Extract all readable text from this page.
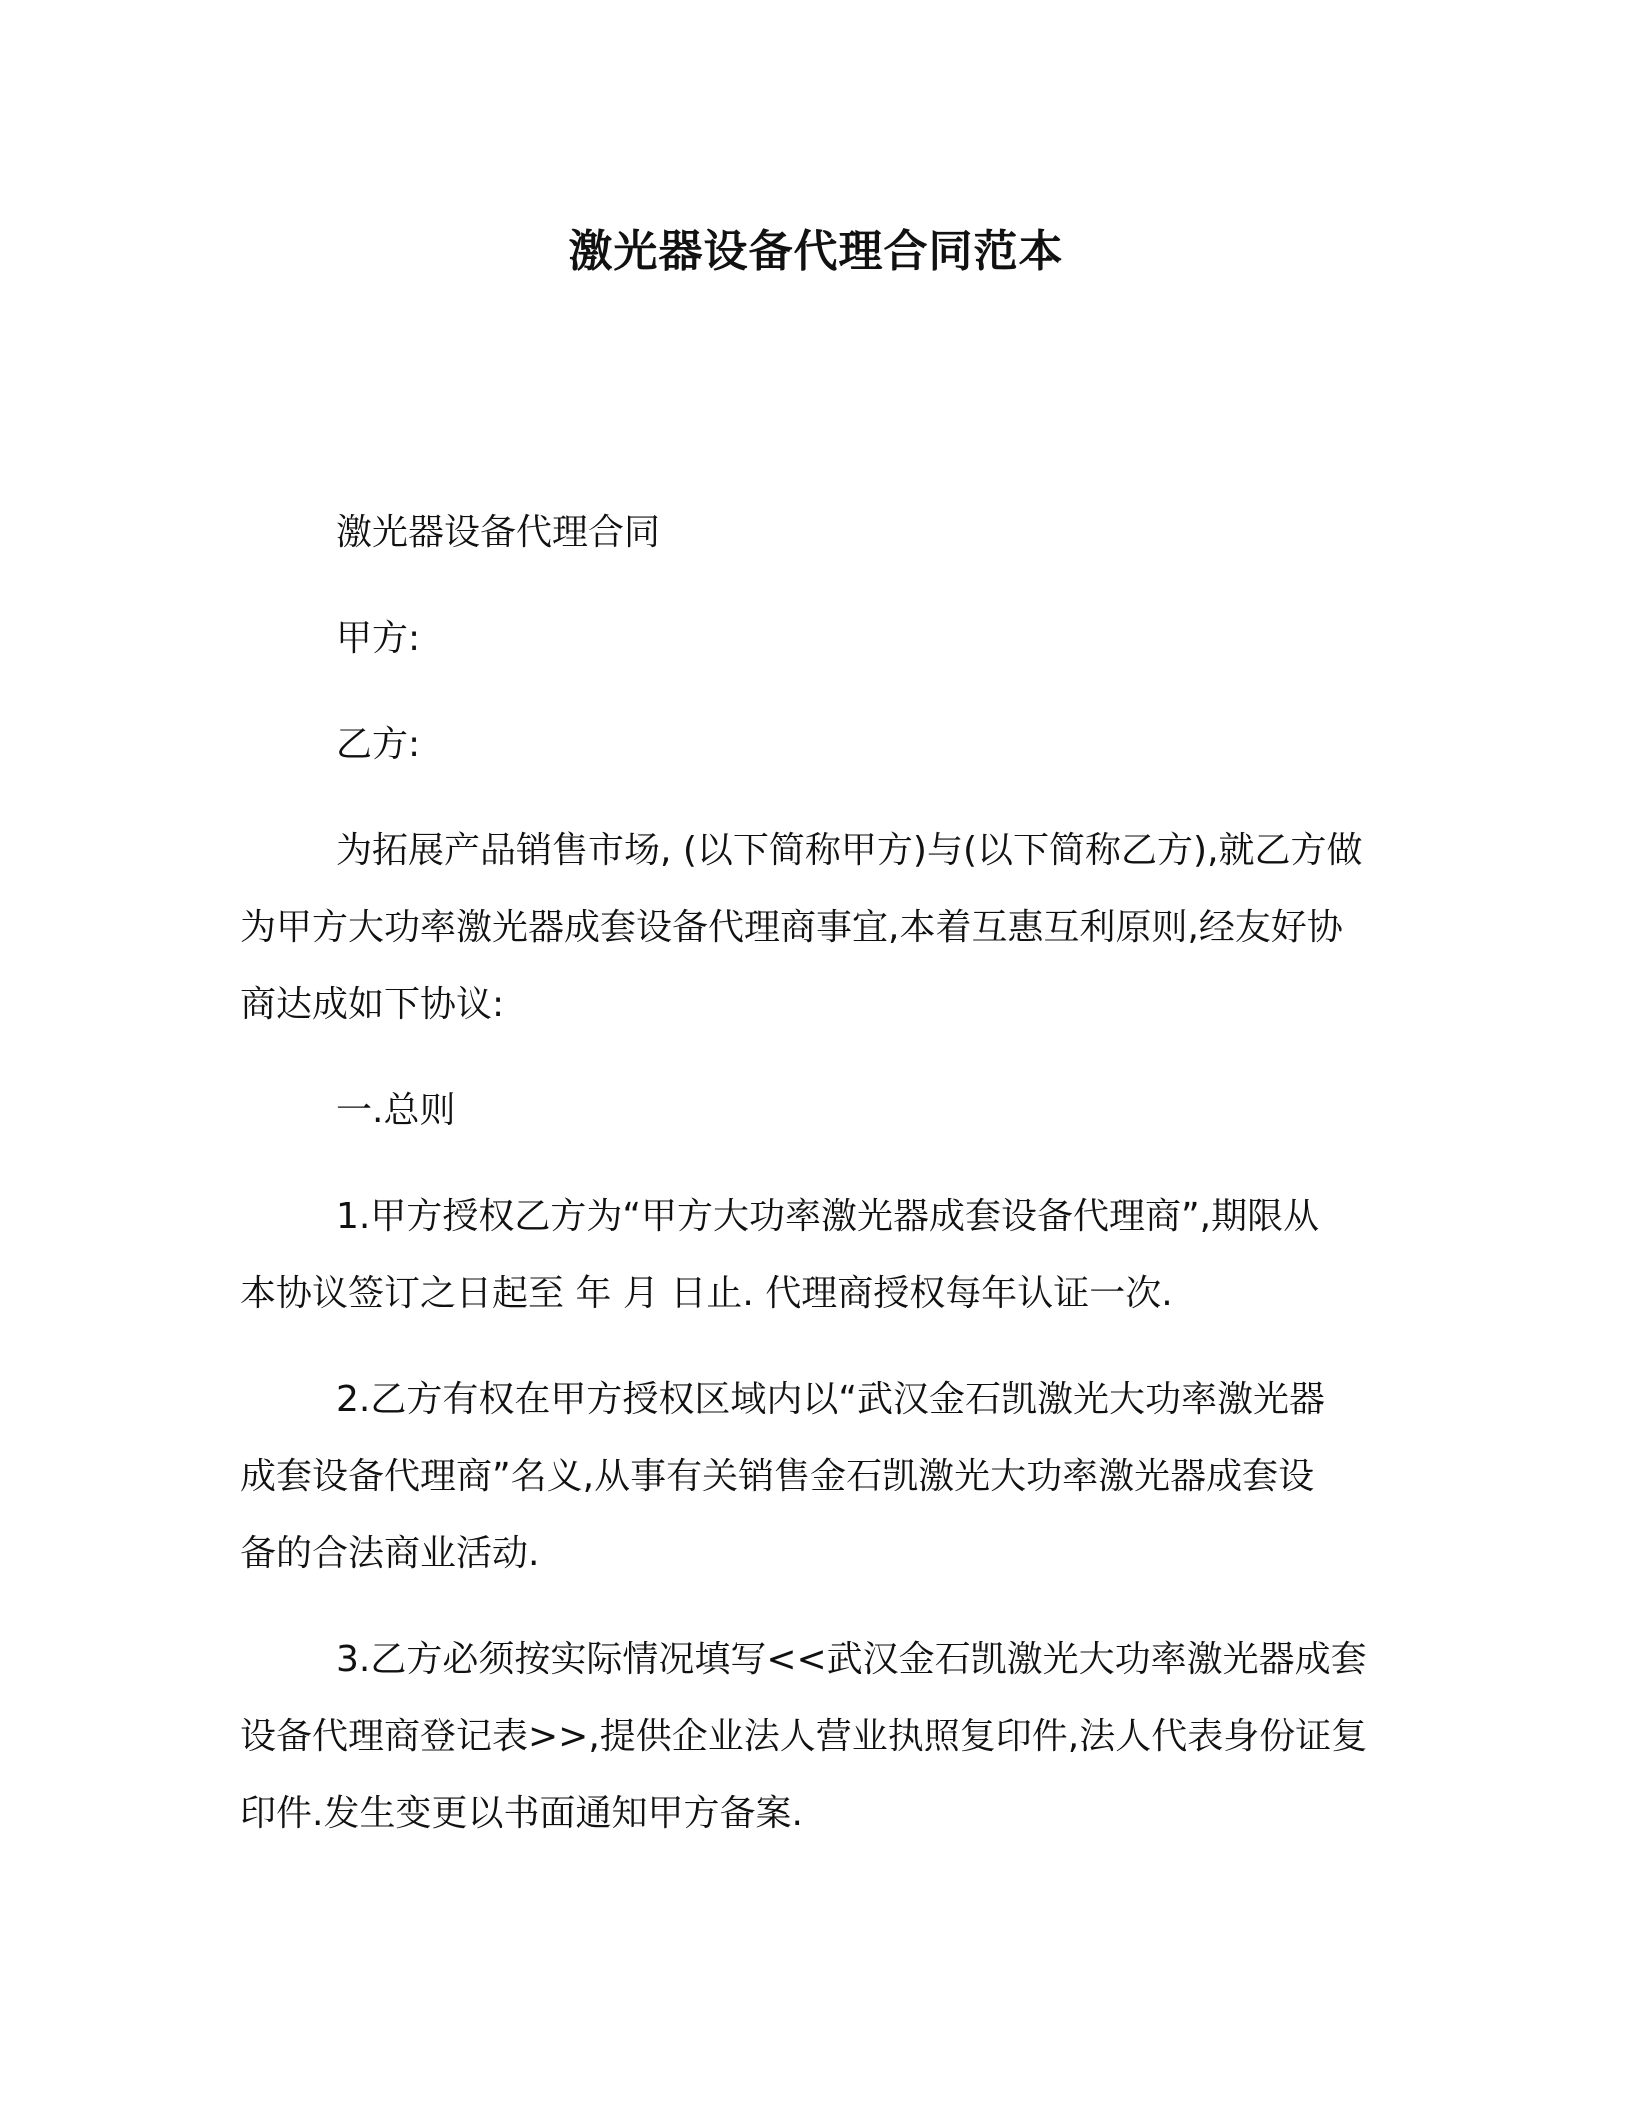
激光器设备代理合同范本
激光器设备代理合同
甲方:
乙方:
为拓展产品销售市场, (以下简称甲方)与(以下简称乙方),就乙方做
为甲方大功率激光器成套设备代理商事宜,本着互惠互利原则,经友好协
商达成如下协议:
一.总则
1.甲方授权乙方为“甲方大功率激光器成套设备代理商”,期限从
本协议签订之日起至 年 月 日止. 代理商授权每年认证一次.
2.乙方有权在甲方授权区域内以“武汉金石凯激光大功率激光器
成套设备代理商”名义,从事有关销售金石凯激光大功率激光器成套设
备的合法商业活动.
3.乙方必须按实际情况填写<<武汉金石凯激光大功率激光器成套
设备代理商登记表>>,提供企业法人营业执照复印件,法人代表身份证复
印件.发生变更以书面通知甲方备案.
